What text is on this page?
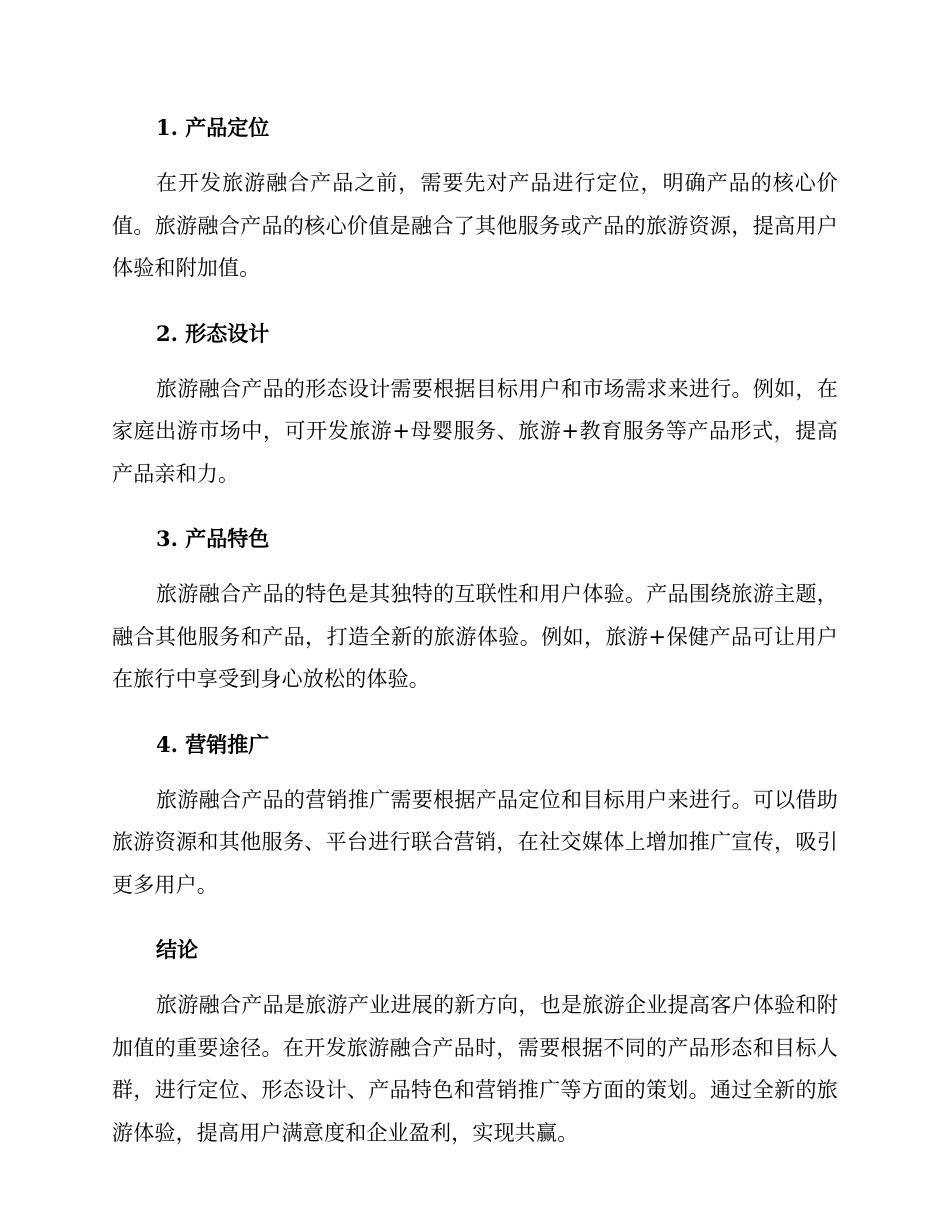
1. 产品定位

在开发旅游融合产品之前，需要先对产品进行定位，明确产品的核心价值。旅游融合产品的核心价值是融合了其他服务或产品的旅游资源，提高用户体验和附加值。

2. 形态设计

旅游融合产品的形态设计需要根据目标用户和市场需求来进行。例如，在家庭出游市场中，可开发旅游+母婴服务、旅游+教育服务等产品形式，提高产品亲和力。

3. 产品特色

旅游融合产品的特色是其独特的互联性和用户体验。产品围绕旅游主题，融合其他服务和产品，打造全新的旅游体验。例如，旅游+保健产品可让用户在旅行中享受到身心放松的体验。

4. 营销推广

旅游融合产品的营销推广需要根据产品定位和目标用户来进行。可以借助旅游资源和其他服务、平台进行联合营销，在社交媒体上增加推广宣传，吸引更多用户。

结论

旅游融合产品是旅游产业进展的新方向，也是旅游企业提高客户体验和附加值的重要途径。在开发旅游融合产品时，需要根据不同的产品形态和目标人群，进行定位、形态设计、产品特色和营销推广等方面的策划。通过全新的旅游体验，提高用户满意度和企业盈利，实现共赢。
